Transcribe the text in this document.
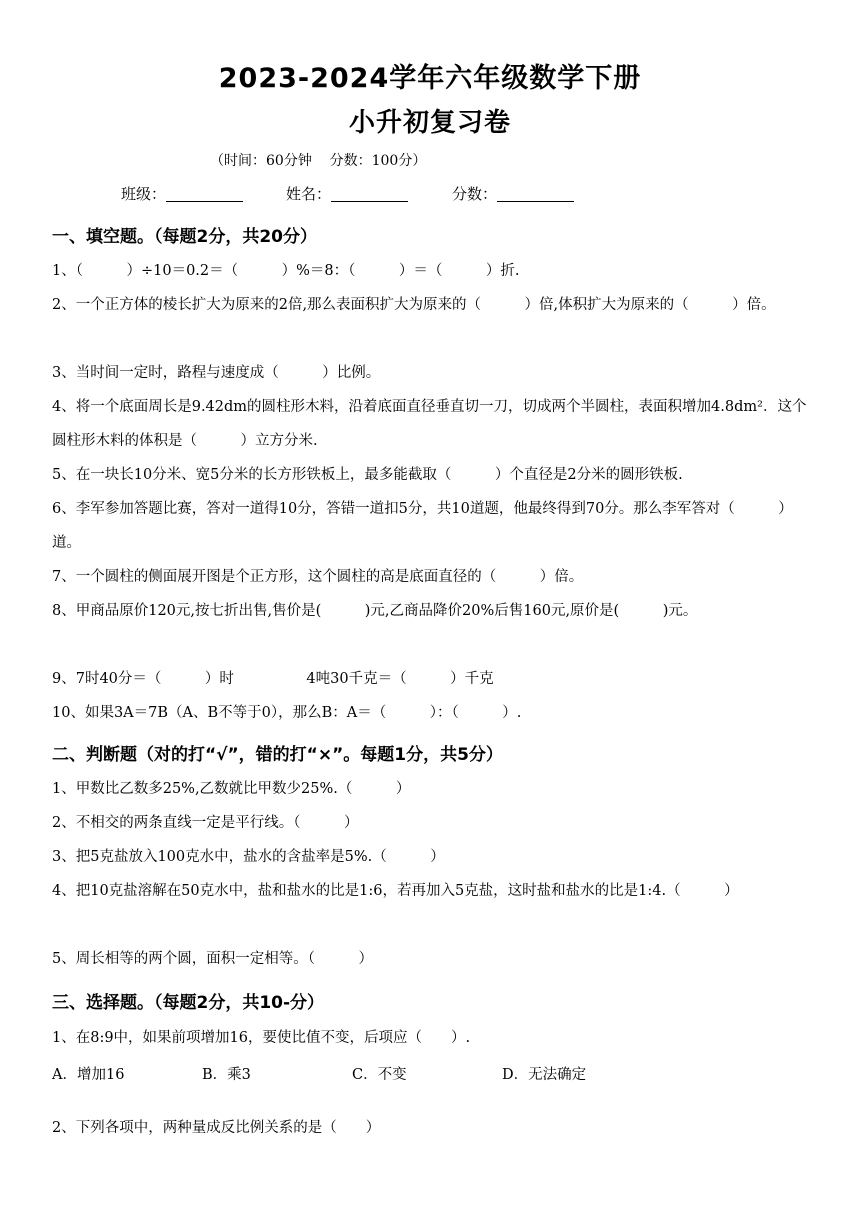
2023-2024学年六年级数学下册
小升初复习卷
（时间：60分钟    分数：100分）
班级：	姓名：	分数：
一、填空题。（每题2分，共20分）
1、（　　　）÷10＝0.2＝（　　　）%＝8：（　　　）＝（　　　）折.
2、一个正方体的棱长扩大为原来的2倍,那么表面积扩大为原来的（　　　）倍,体积扩大为原来的（　　　）倍。
3、当时间一定时，路程与速度成（　　　）比例。
4、将一个底面周长是9.42dm的圆柱形木料，沿着底面直径垂直切一刀，切成两个半圆柱，表面积增加4.8dm²．这个圆柱形木料的体积是（　　　）立方分米.
5、在一块长10分米、宽5分米的长方形铁板上，最多能截取（　　　）个直径是2分米的圆形铁板.
6、李军参加答题比赛，答对一道得10分，答错一道扣5分，共10道题，他最终得到70分。那么李军答对（　　　）道。
7、一个圆柱的侧面展开图是个正方形，这个圆柱的高是底面直径的（　　　）倍。
8、甲商品原价120元,按七折出售,售价是(　　　)元,乙商品降价20%后售160元,原价是(　　　)元。
9、7时40分＝（　　　）时　　　　　4吨30千克＝（　　　）千克
10、如果3A＝7B（A、B不等于0），那么B：A＝（　　　）：（　　　）.
二、判断题（对的打“√”，错的打“×”。每题1分，共5分）
1、甲数比乙数多25%,乙数就比甲数少25%.（　　　）
2、不相交的两条直线一定是平行线。（　　　）
3、把5克盐放入100克水中，盐水的含盐率是5%.（　　　）
4、把10克盐溶解在50克水中，盐和盐水的比是1:6，若再加入5克盐，这时盐和盐水的比是1:4.（　　　）
5、周长相等的两个圆，面积一定相等。（　　　）
三、选择题。（每题2分，共10-分）
1、在8:9中，如果前项增加16，要使比值不变，后项应（　　）.
A．增加16	B．乘3	C．不变	D．无法确定
2、下列各项中，两种量成反比例关系的是（　　）
